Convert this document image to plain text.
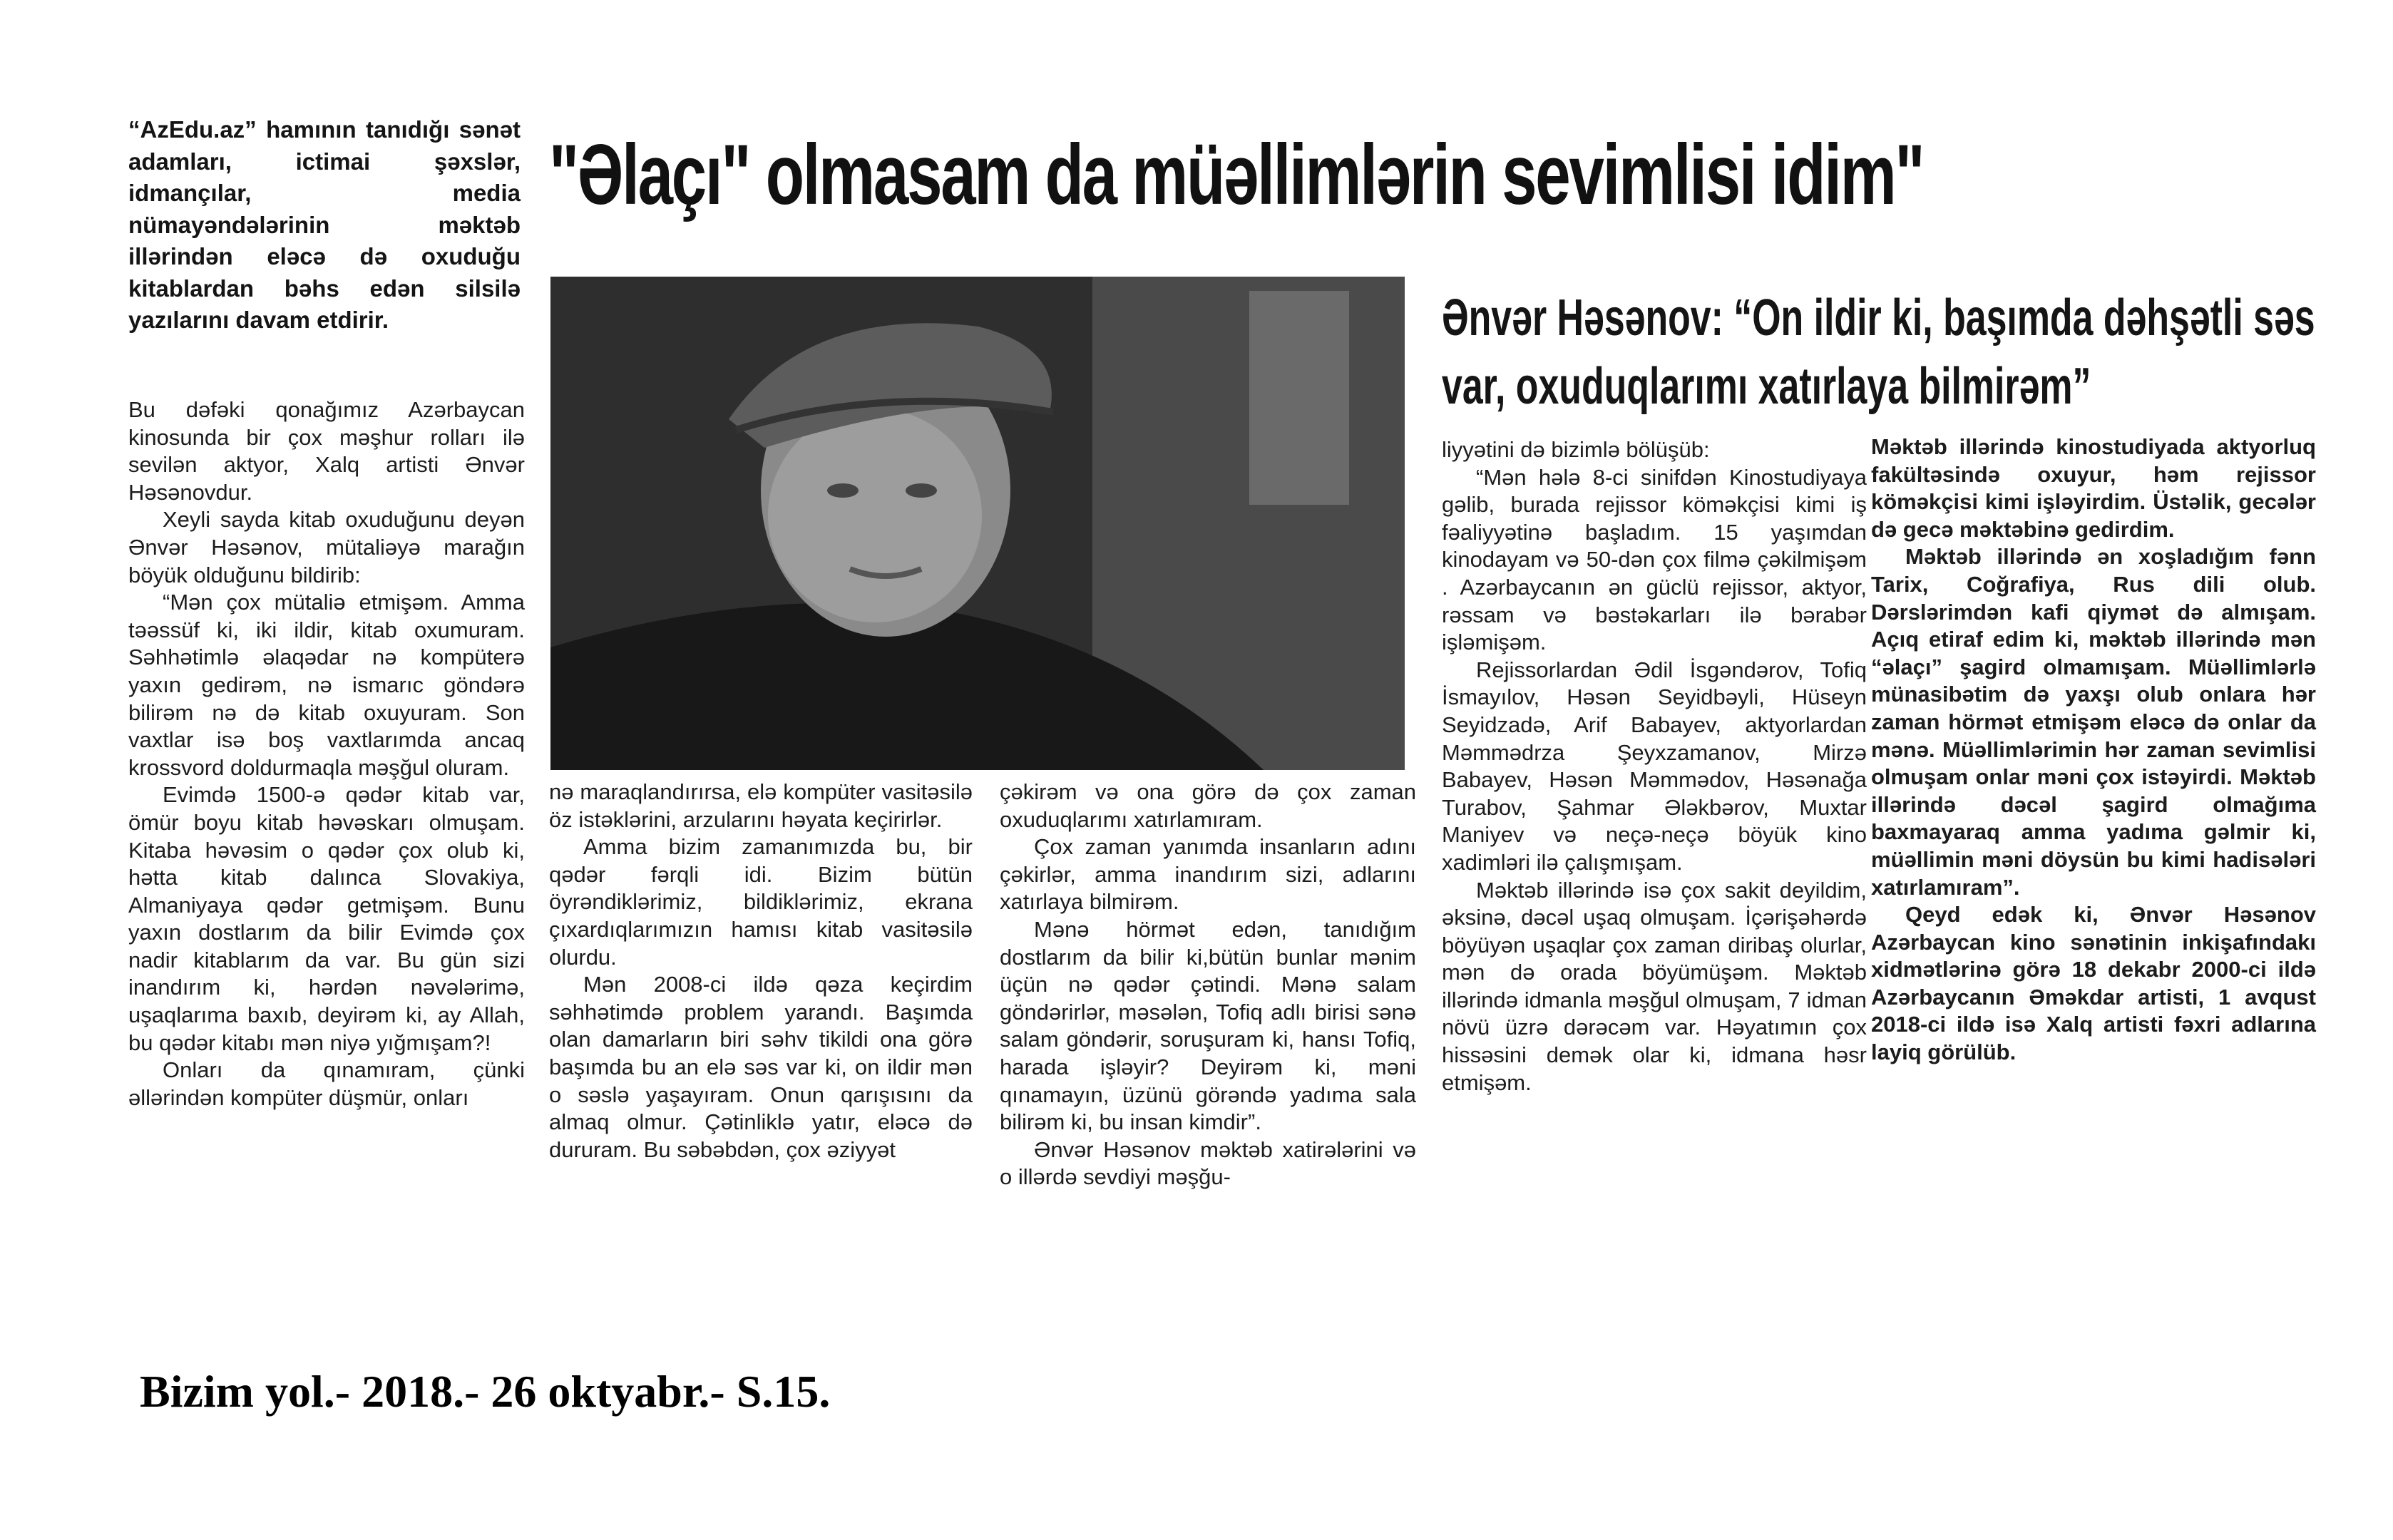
“AzEdu.az” hamının tanıdığı sənət adamları, ictimai şəxslər, idmançılar, media nümayəndələrinin məktəb illərindən eləcə də oxuduğu kitablardan bəhs edən silsilə yazılarını davam etdirir.
"Əlaçı" olmasam da müəllimlərin sevimlisi idim"
Ənvər Həsənov: “On ildir ki, başımda dəhşətli səs var, oxuduqlarımı xatırlaya bilmirəm”

Bu dəfəki qonağımız Azərbaycan kinosunda bir çox məşhur rolları ilə sevilən aktyor, Xalq artisti Ənvər Həsənovdur.

Xeyli sayda kitab oxuduğunu deyən Ənvər Həsənov, mütaliəyə marağın böyük olduğunu bildirib:

“Mən çox mütaliə etmişəm. Amma təəssüf ki, iki ildir, kitab oxumuram. Səhhətimlə əlaqədar nə kompüterə yaxın gedirəm, nə ismarıc göndərə bilirəm nə də kitab oxuyuram. Son vaxtlar isə boş vaxtlarımda ancaq krossvord doldurmaqla məşğul oluram.

Evimdə 1500-ə qədər kitab var, ömür boyu kitab həvəskarı olmuşam. Kitaba həvəsim o qədər çox olub ki, hətta kitab dalınca Slovakiya, Almaniyaya qədər getmişəm. Bunu yaxın dostlarım da bilir Evimdə çox nadir kitablarım da var. Bu gün sizi inandırım ki, hərdən nəvələrimə, uşaqlarıma baxıb, deyirəm ki, ay Allah, bu qədər kitabı mən niyə yığmışam?!

Onları da qınamıram, çünki əllərindən kompüter düşmür, onları

nə maraqlandırırsa, elə kompüter vasitəsilə öz istəklərini, arzularını həyata keçirirlər.

Amma bizim zamanımızda bu, bir qədər fərqli idi. Bizim bütün öyrəndiklərimiz, bildiklərimiz, ekrana çıxardıqlarımızın hamısı kitab vasitəsilə olurdu.

Mən 2008-ci ildə qəza keçirdim səhhətimdə problem yarandı. Başımda olan damarların biri səhv tikildi ona görə başımda bu an elə səs var ki, on ildir mən o səslə yaşayıram. Onun qarışısını da almaq olmur. Çətinliklə yatır, eləcə də dururam. Bu səbəbdən, çox əziyyət

çəkirəm və ona görə də çox zaman oxuduqlarımı xatırlamıram.

Çox zaman yanımda insanların adını çəkirlər, amma inandırım sizi, adlarını xatırlaya bilmirəm.

Mənə hörmət edən, tanıdığım dostlarım da bilir ki,bütün bunlar mənim üçün nə qədər çətindi. Mənə salam göndərirlər, məsələn, Tofiq adlı birisi sənə salam göndərir, soruşuram ki, hansı Tofiq, harada işləyir? Deyirəm ki, məni qınamayın, üzünü görəndə yadıma sala bilirəm ki, bu insan kimdir”.

Ənvər Həsənov məktəb xatirələrini və o illərdə sevdiyi məşğu-

liyyətini də bizimlə bölüşüb:

“Mən hələ 8-ci sinifdən Kinostudiyaya gəlib, burada rejissor köməkçisi kimi iş fəaliyyətinə başladım. 15 yaşımdan kinodayam və 50-dən çox filmə çəkilmişəm . Azərbaycanın ən güclü rejissor, aktyor, rəssam və bəstəkarları ilə bərabər işləmişəm.

Rejissorlardan Ədil İsgəndərov, Tofiq İsmayılov, Həsən Seyidbəyli, Hüseyn Seyidzadə, Arif Babayev, aktyorlardan Məmmədrza Şeyxzamanov, Mirzə Babayev, Həsən Məmmədov, Həsənağa Turabov, Şahmar Ələkbərov, Muxtar Maniyev və neçə-neçə böyük kino xadimləri ilə çalışmışam.

Məktəb illərində isə çox sakit deyildim, əksinə, dəcəl uşaq olmuşam. İçərişəhərdə böyüyən uşaqlar çox zaman diribaş olurlar, mən də orada böyümüşəm. Məktəb illərində idmanla məşğul olmuşam, 7 idman növü üzrə dərəcəm var. Həyatımın çox hissəsini demək olar ki, idmana həsr etmişəm.

Məktəb illərində kinostudiyada aktyorluq fakültəsində oxuyur, həm rejissor köməkçisi kimi işləyirdim. Üstəlik, gecələr də gecə məktəbinə gedirdim.

Məktəb illərində ən xoşladığım fənn Tarix, Coğrafiya, Rus dili olub. Dərslərimdən kafi qiymət də almışam. Açıq etiraf edim ki, məktəb illərində mən “əlaçı” şagird olmamışam. Müəllimlərlə münasibətim də yaxşı olub onlara hər zaman hörmət etmişəm eləcə də onlar da mənə. Müəllimlərimin hər zaman sevimlisi olmuşam onlar məni çox istəyirdi. Məktəb illərində dəcəl şagird olmağıma baxmayaraq amma yadıma gəlmir ki, müəllimin məni döysün bu kimi hadisələri xatırlamıram”.

Qeyd edək ki, Ənvər Həsənov Azərbaycan kino sənətinin inkişafındakı xidmətlərinə görə 18 dekabr 2000-ci ildə Azərbaycanın Əməkdar artisti, 1 avqust 2018-ci ildə isə Xalq artisti fəxri adlarına layiq görülüb.

Bizim yol.- 2018.- 26 oktyabr.- S.15.
